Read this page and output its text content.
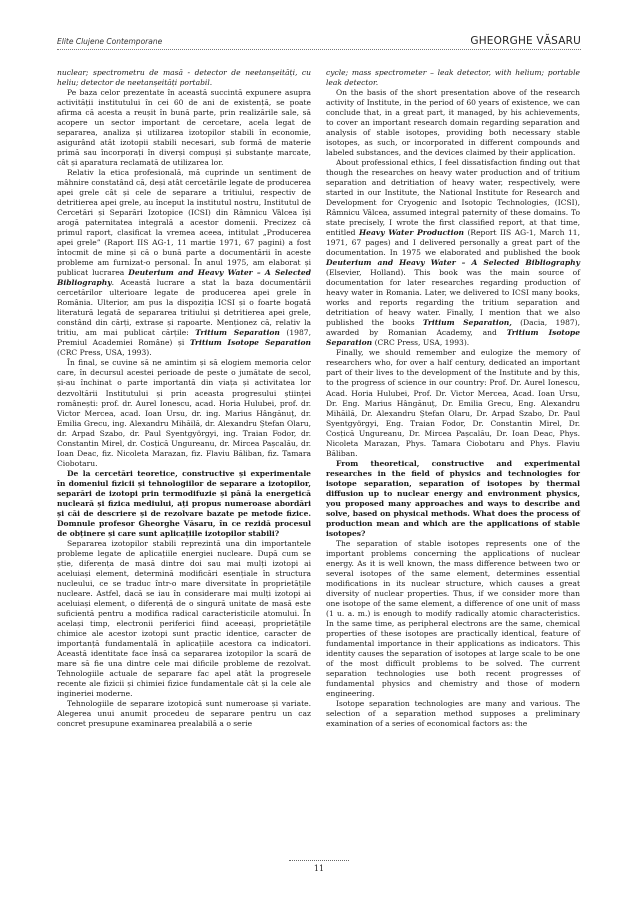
Elite Clujene Contemporane	GHEORGHE VĂSARU

nuclear; spectrometru de masă - detector de neetanșeități, cu heliu; detector de neetanșeități portabil.

Pe baza celor prezentate în această succintă expunere asupra activității institutului în cei 60 de ani de existență, se poate afirma că acesta a reușit în bună parte, prin realizările sale, să acopere un sector important de cercetare, acela legat de separarea, analiza și utilizarea izotopilor stabili în economie, asigurând atât izotopii stabili necesari, sub formă de materie primă sau încorporați în diverși compuși și substanțe marcate, cât și aparatura reclamată de utilizarea lor.

Relativ la etica profesională, mă cuprinde un sentiment de mâhnire constatând că, deși atât cercetările legate de producerea apei grele cât și cele de separare a tritiului, respectiv de detritierea apei grele, au început la institutul nostru, Institutul de Cercetări și Separări Izotopice (ICSI) din Râmnicu Vâlcea își arogă paternitatea integrală a acestor domenii. Precizez că primul raport, clasificat la vremea aceea, intitulat „Producerea apei grele” (Raport IIS AG-1, 11 martie 1971, 67 pagini) a fost întocmit de mine și că o bună parte a documentării în aceste probleme am furnizat-o personal. În anul 1975, am elaborat și publicat lucrarea Deuterium and Heavy Water – A Selected Bibliography. Această lucrare a stat la baza documentării cercetărilor ulterioare legate de producerea apei grele în România. Ulterior, am pus la dispoziția ICSI și o foarte bogată literatură legată de separarea tritiului și detritierea apei grele, constând din cărți, extrase și rapoarte. Menționez că, relativ la tritiu, am mai publicat cărțile: Tritium Separation (1987, Premiul Academiei Române) și Tritium Isotope Separation (CRC Press, USA, 1993).

În final, se cuvine să ne amintim și să elogiem memoria celor care, în decursul acestei perioade de peste o jumătate de secol, și-au închinat o parte importantă din viața și activitatea lor dezvoltării Institutului și prin aceasta progresului științei românești: prof. dr. Aurel Ionescu, acad. Horia Hulubei, prof. dr. Victor Mercea, acad. Ioan Ursu, dr. ing. Marius Hângănuț, dr. Emilia Grecu, ing. Alexandru Mihăilă, dr. Alexandru Ștefan Olaru, dr. Arpad Szabo, dr. Paul Syentgyörgyi, ing. Traian Fodor, dr. Constantin Mirel, dr. Cosțică Ungureanu, dr. Mircea Pașcalău, dr. Ioan Deac, fiz. Nicoleta Marazan, fiz. Flaviu Băliban, fiz. Tamara Ciobotaru.

De la cercetări teoretice, constructive și experimentale în domeniul fizicii și tehnologiilor de separare a izotopilor, separări de izotopi prin termodifuzie și până la energetică nucleară și fizica mediului, ați propus numeroase abordări și căi de descriere și de rezolvare bazate pe metode fizice. Domnule profesor Gheorghe Văsaru, în ce rezidă procesul de obținere și care sunt aplicațiile izotopilor stabili?

Separarea izotopilor stabili reprezintă una din importantele probleme legate de aplicațiile energiei nucleare. După cum se știe, diferența de masă dintre doi sau mai mulți izotopi ai aceluiași element, determină modificări esențiale în structura nucleului, ce se traduc într-o mare diversitate în proprietățile nucleare. Astfel, dacă se iau în considerare mai mulți izotopi ai aceluiași element, o diferență de o singură unitate de masă este suficientă pentru a modifica radical caracteristicile atomului. În același timp, electronii periferici fiind aceeași, proprietățile chimice ale acestor izotopi sunt practic identice, caracter de importanță fundamentală în aplicațiile acestora ca indicatori. Această identitate face însă ca separarea izotopilor la scară de mare să fie una dintre cele mai dificile probleme de rezolvat. Tehnologiile actuale de separare fac apel atât la progresele recente ale fizicii și chimiei fizice fundamentale cât și la cele ale ingineriei moderne.

Tehnologiile de separare izotopică sunt numeroase și variate. Alegerea unui anumit procedeu de separare pentru un caz concret presupune examinarea prealabilă a o serie

cycle; mass spectrometer – leak detector, with helium; portable leak detector.

On the basis of the short presentation above of the research activity of Institute, in the period of 60 years of existence, we can conclude that, in a great part, it managed, by his achievements, to cover an important research domain regarding separation and analysis of stable isotopes, providing both necessary stable isotopes, as such, or incorporated in different compounds and labeled substances, and the devices claimed by their application.

About professional ethics, I feel dissatisfaction finding out that though the researches on heavy water production and of tritium separation and detritiation of heavy water, respectively, were started in our Institute, the National Institute for Research and Development for Cryogenic and Isotopic Technologies, (ICSI), Râmnicu Vâlcea, assumed integral paternity of these domains. To state precisely, I wrote the first classified report, at that time, entitled Heavy Water Production (Report IIS AG-1, March 11, 1971, 67 pages) and I delivered personally a great part of the documentation. In 1975 we elaborated and published the book Deuterium and Heavy Water – A Selected Bibliography (Elsevier, Holland). This book was the main source of documentation for later researches regarding production of heavy water in Romania. Later, we delivered to ICSI many books, works and reports regarding the tritium separation and detritiation of heavy water. Finally, I mention that we also published the books Tritium Separation, (Dacia, 1987), awarded by Romanian Academy, and Tritium Isotope Separation (CRC Press, USA, 1993).

Finally, we should remember and eulogize the memory of researchers who, for over a half century, dedicated an important part of their lives to the development of the Institute and by this, to the progress of science in our country: Prof. Dr. Aurel Ionescu, Acad. Horia Hulubei, Prof. Dr. Victor Mercea, Acad. Ioan Ursu, Dr. Eng. Marius Hângănuț, Dr. Emilia Grecu, Eng. Alexandru Mihăilă, Dr. Alexandru Ștefan Olaru, Dr. Arpad Szabo, Dr. Paul Syentgyörgyi, Eng. Traian Fodor, Dr. Constantin Mirel, Dr. Cosțică Ungureanu, Dr. Mircea Pașcalău, Dr. Ioan Deac, Phys. Nicoleta Marazan, Phys. Tamara Ciobotaru and Phys. Flaviu Băliban.

From theoretical, constructive and experimental researches in the field of physics and technologies for isotope separation, separation of isotopes by thermal diffusion up to nuclear energy and environment physics, you proposed many approaches and ways to describe and solve, based on physical methods. What does the process of production mean and which are the applications of stable isotopes?

The separation of stable isotopes represents one of the important problems concerning the applications of nuclear energy. As it is well known, the mass difference between two or several isotopes of the same element, determines essential modifications in its nuclear structure, which causes a great diversity of nuclear properties. Thus, if we consider more than one isotope of the same element, a difference of one unit of mass (1 u. a. m.) is enough to modify radically atomic characteristics. In the same time, as peripheral electrons are the same, chemical properties of these isotopes are practically identical, feature of fundamental importance in their applications as indicators. This identity causes the separation of isotopes at large scale to be one of the most difficult problems to be solved. The current separation technologies use both recent progresses of fundamental physics and chemistry and those of modern engineering.

Isotope separation technologies are many and various. The selection of a separation method supposes a preliminary examination of a series of economical factors as: the

11
